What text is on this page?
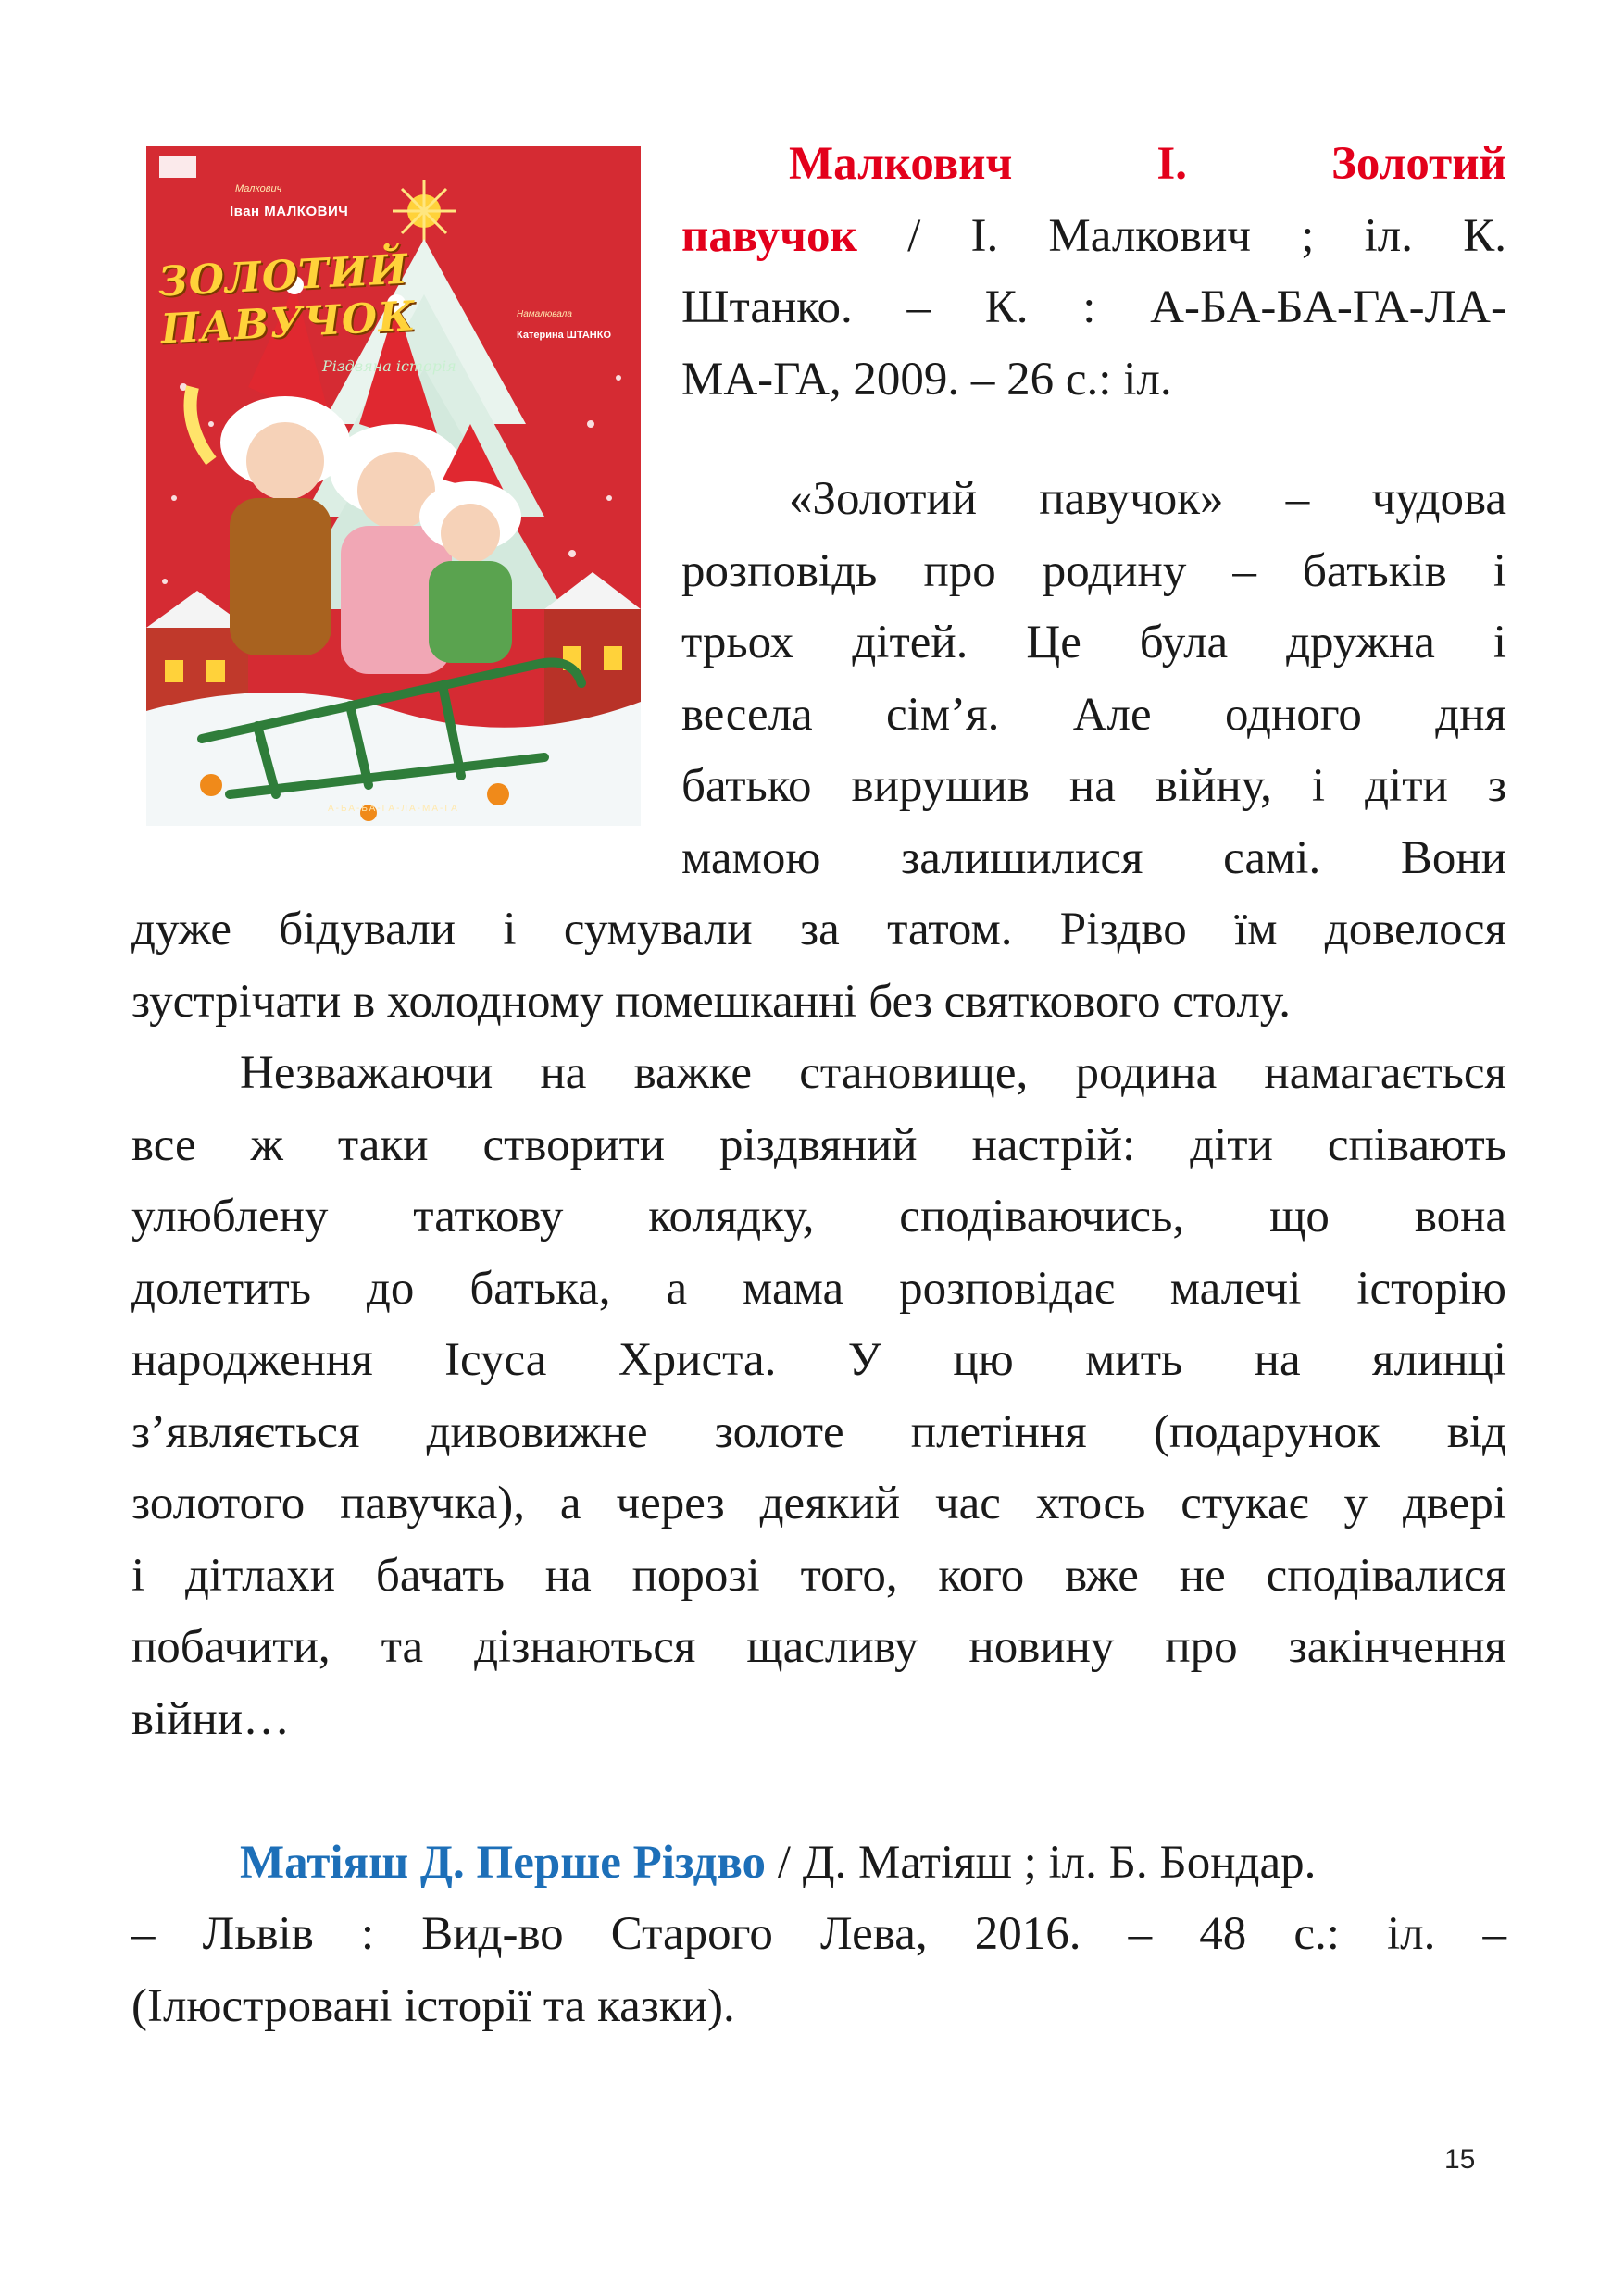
Малкович
Іван МАЛКОВИЧ
ЗОЛОТИЙ ПАВУЧОК	Намалювала
Катерина ШТАНКО
Різдвяна історія
А-БА-БА-ГА-ЛА-МА-ГА
Малкович	І.	Золотий
павучок / І. Малкович ; іл. К.
Штанко. – К. : А-БА-БА-ГА-ЛА-
МА-ГА, 2009. – 26 с.: іл.
«Золотий павучок» – чудова
розповідь про родину – батьків і
трьох дітей. Це була дружна і
весела сім’я. Але одного дня
батько вирушив на війну, і діти з
мамою залишилися самі. Вони
дуже бідували і сумували за татом. Різдво їм довелося
зустрічати в холодному помешканні без святкового столу.
Незважаючи на важке становище, родина намагається
все ж таки створити різдвяний настрій: діти співають
улюблену таткову колядку, сподіваючись, що вона
долетить до батька, а мама розповідає малечі історію
народження Ісуса Христа. У цю мить на ялинці
з’являється дивовижне золоте плетіння (подарунок від
золотого павучка), а через деякий час хтось стукає у двері
і дітлахи бачать на порозі того, кого вже не сподівалися
побачити, та дізнаються щасливу новину про закінчення
війни…
Матіяш Д. Перше Різдво / Д. Матіяш ; іл. Б. Бондар.
– Львів : Вид-во Старого Лева, 2016. – 48 с.: іл. –
(Ілюстровані історії та казки).
15
